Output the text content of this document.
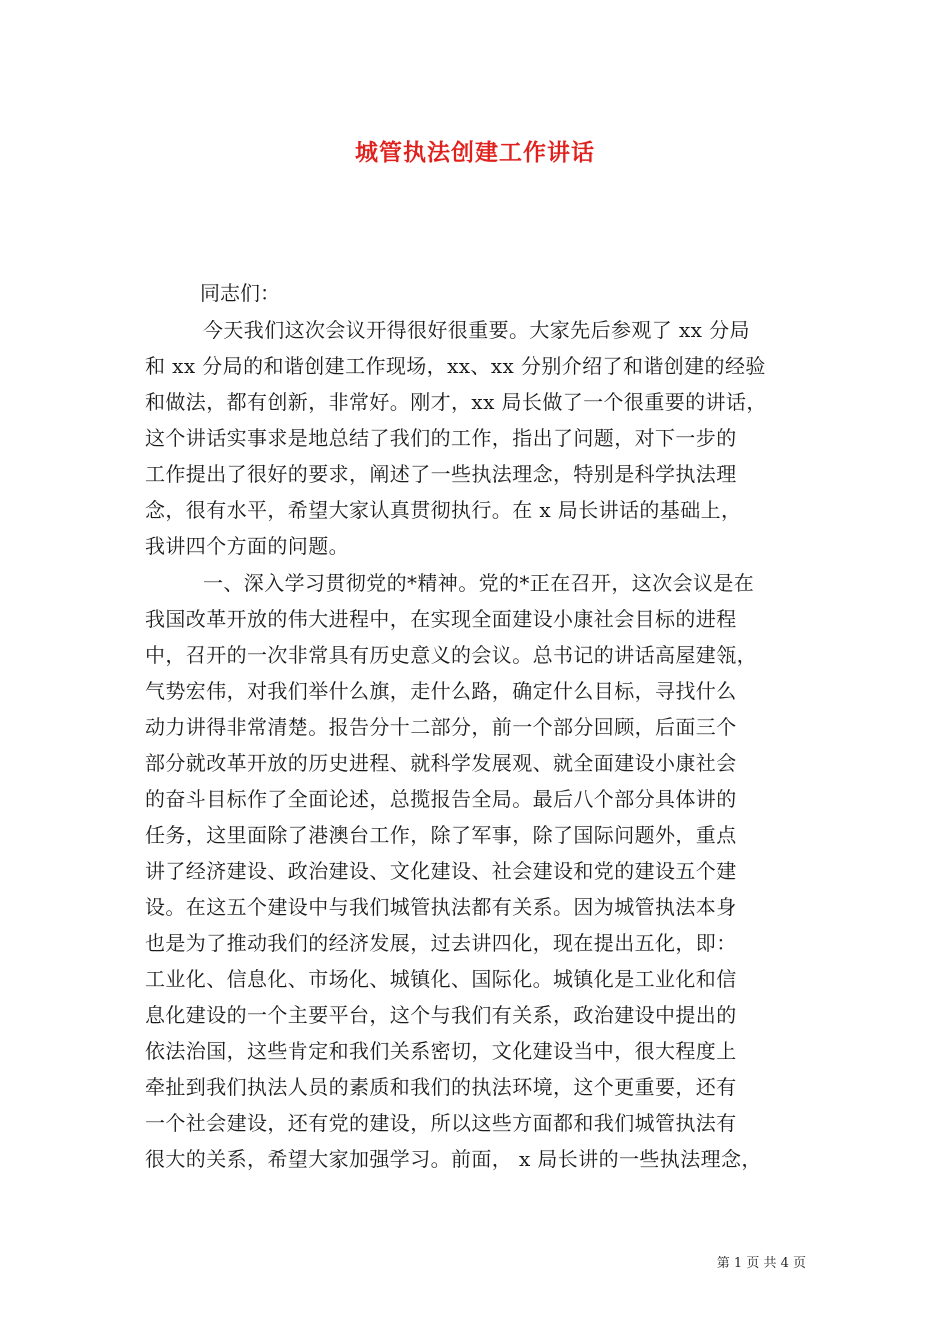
城管执法创建工作讲话
同志们：
今天我们这次会议开得很好很重要。大家先后参观了 xx 分局
和 xx 分局的和谐创建工作现场，xx、xx 分别介绍了和谐创建的经验
和做法，都有创新，非常好。刚才，xx 局长做了一个很重要的讲话，
这个讲话实事求是地总结了我们的工作，指出了问题，对下一步的
工作提出了很好的要求，阐述了一些执法理念，特别是科学执法理
念，很有水平，希望大家认真贯彻执行。在 x 局长讲话的基础上，
我讲四个方面的问题。
一、深入学习贯彻党的*精神。党的*正在召开，这次会议是在
我国改革开放的伟大进程中，在实现全面建设小康社会目标的进程
中，召开的一次非常具有历史意义的会议。总书记的讲话高屋建瓴，
气势宏伟，对我们举什么旗，走什么路，确定什么目标，寻找什么
动力讲得非常清楚。报告分十二部分，前一个部分回顾，后面三个
部分就改革开放的历史进程、就科学发展观、就全面建设小康社会
的奋斗目标作了全面论述，总揽报告全局。最后八个部分具体讲的
任务，这里面除了港澳台工作，除了军事，除了国际问题外，重点
讲了经济建设、政治建设、文化建设、社会建设和党的建设五个建
设。在这五个建设中与我们城管执法都有关系。因为城管执法本身
也是为了推动我们的经济发展，过去讲四化，现在提出五化，即：
工业化、信息化、市场化、城镇化、国际化。城镇化是工业化和信
息化建设的一个主要平台，这个与我们有关系，政治建设中提出的
依法治国，这些肯定和我们关系密切，文化建设当中，很大程度上
牵扯到我们执法人员的素质和我们的执法环境，这个更重要，还有
一个社会建设，还有党的建设，所以这些方面都和我们城管执法有
很大的关系，希望大家加强学习。前面， x 局长讲的一些执法理念，
第 1 页 共 4 页
